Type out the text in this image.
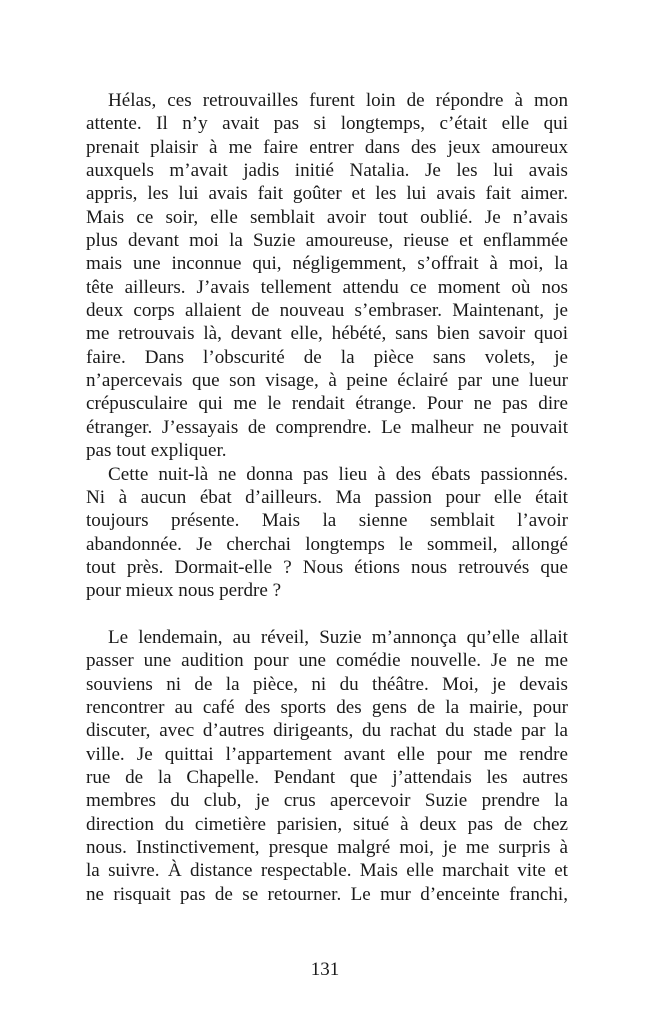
Hélas, ces retrouvailles furent loin de répondre à mon
attente. Il n’y avait pas si longtemps, c’était elle qui
prenait plaisir à me faire entrer dans des jeux amoureux
auxquels m’avait jadis initié Natalia. Je les lui avais
appris, les lui avais fait goûter et les lui avais fait aimer.
Mais ce soir, elle semblait avoir tout oublié. Je n’avais
plus devant moi la Suzie amoureuse, rieuse et enflammée
mais une inconnue qui, négligemment, s’offrait à moi, la
tête ailleurs. J’avais tellement attendu ce moment où nos
deux corps allaient de nouveau s’embraser. Maintenant, je
me retrouvais là, devant elle, hébété, sans bien savoir quoi
faire. Dans l’obscurité de la pièce sans volets, je
n’apercevais que son visage, à peine éclairé par une lueur
crépusculaire qui me le rendait étrange. Pour ne pas dire
étranger. J’essayais de comprendre. Le malheur ne pouvait
pas tout expliquer.

Cette nuit-là ne donna pas lieu à des ébats passionnés.
Ni à aucun ébat d’ailleurs. Ma passion pour elle était
toujours présente. Mais la sienne semblait l’avoir
abandonnée. Je cherchai longtemps le sommeil, allongé
tout près. Dormait-elle ? Nous étions nous retrouvés que
pour mieux nous perdre ?

Le lendemain, au réveil, Suzie m’annonça qu’elle allait
passer une audition pour une comédie nouvelle. Je ne me
souviens ni de la pièce, ni du théâtre. Moi, je devais
rencontrer au café des sports des gens de la mairie, pour
discuter, avec d’autres dirigeants, du rachat du stade par la
ville. Je quittai l’appartement avant elle pour me rendre
rue de la Chapelle. Pendant que j’attendais les autres
membres du club, je crus apercevoir Suzie prendre la
direction du cimetière parisien, situé à deux pas de chez
nous. Instinctivement, presque malgré moi, je me surpris à
la suivre. À distance respectable. Mais elle marchait vite et
ne risquait pas de se retourner. Le mur d’enceinte franchi,

131
